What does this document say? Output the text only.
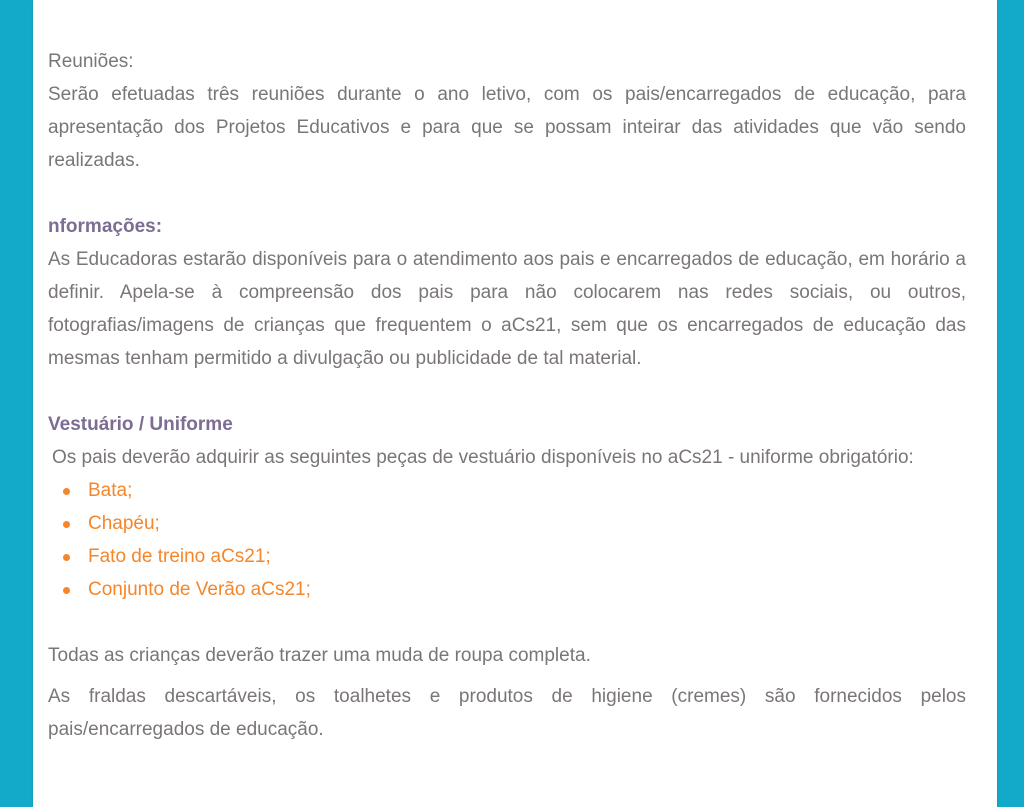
Reuniões:

Serão efetuadas três reuniões durante o ano letivo, com os pais/encarregados de educação, para apresentação dos Projetos Educativos e para que se possam inteirar das atividades que vão sendo realizadas.

nformações:

As Educadoras estarão disponíveis para o atendimento aos pais e encarregados de educação, em horário a definir. Apela-se à compreensão dos pais para não colocarem nas redes sociais, ou outros, fotografias/imagens de crianças que frequentem o aCs21, sem que os encarregados de educação das mesmas tenham permitido a divulgação ou publicidade de tal material.

Vestuário / Uniforme

Os pais deverão adquirir as seguintes peças de vestuário disponíveis no aCs21 - uniforme obrigatório:

Bata;
Chapéu;
Fato de treino aCs21;
Conjunto de Verão aCs21;

Todas as crianças deverão trazer uma muda de roupa completa.

As fraldas descartáveis, os toalhetes e produtos de higiene (cremes) são fornecidos pelos pais/encarregados de educação.
